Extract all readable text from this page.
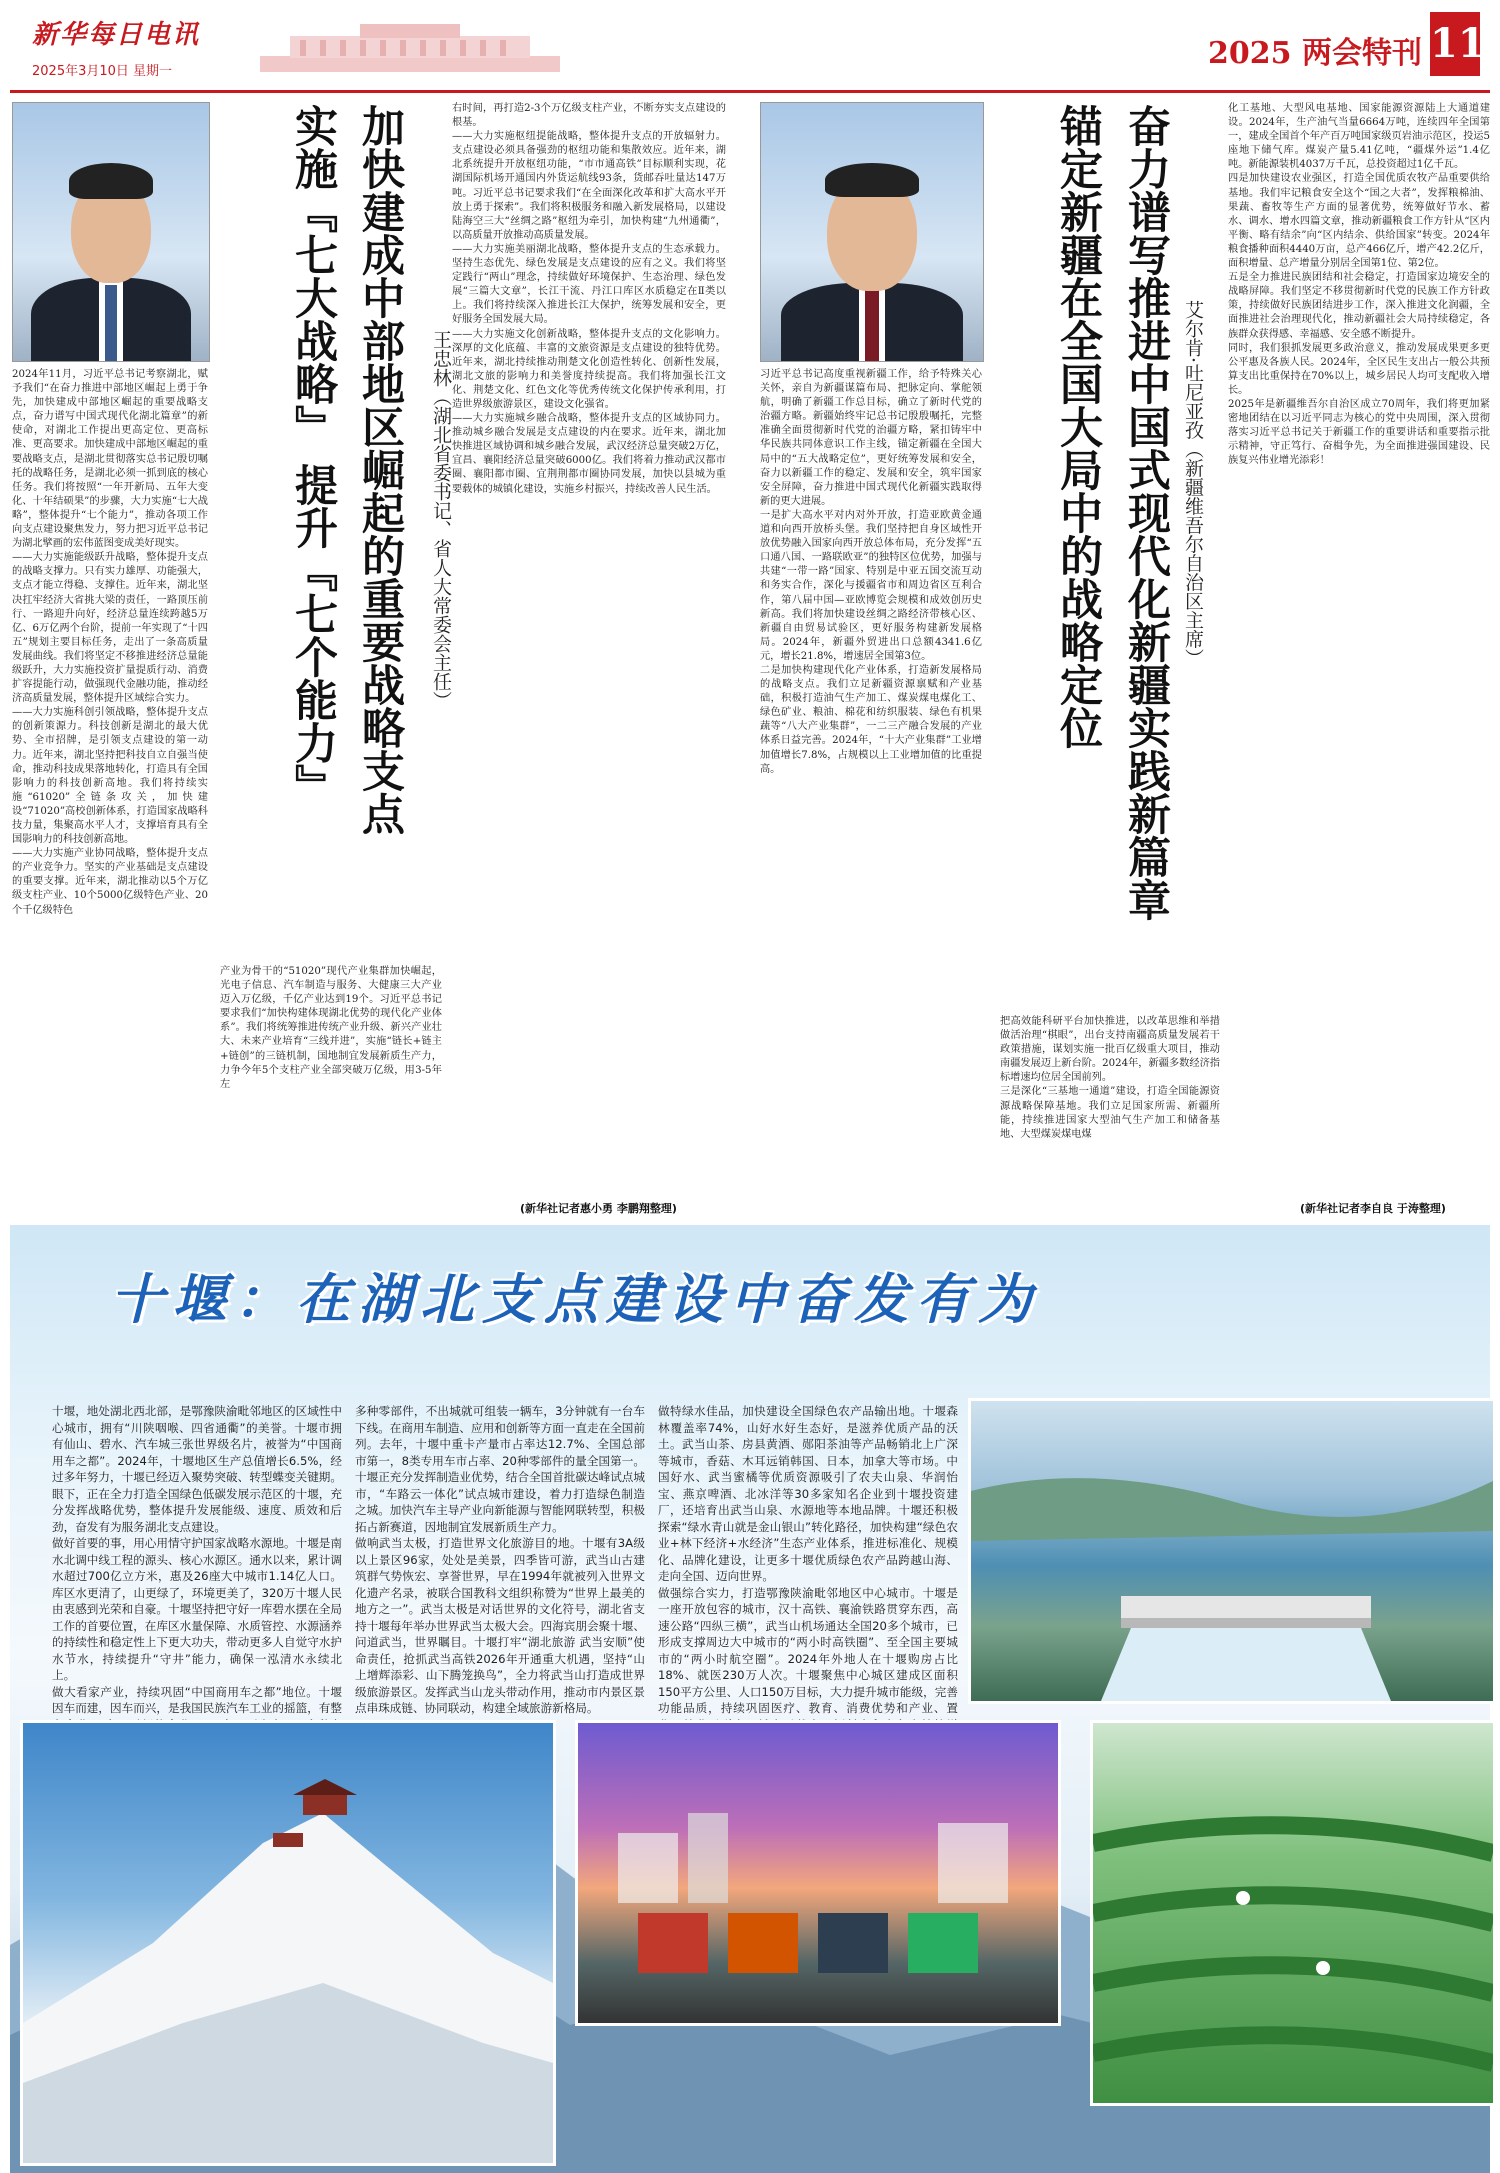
新华每日电讯
2025年3月10日 星期一
2025 两会特刊 11
2024年11月，习近平总书记考察湖北，赋予我们“在奋力推进中部地区崛起上勇于争先，加快建成中部地区崛起的重要战略支点，奋力谱写中国式现代化湖北篇章”的新使命，对湖北工作提出更高定位、更高标准、更高要求。加快建成中部地区崛起的重要战略支点，是湖北贯彻落实总书记殷切嘱托的战略任务，是湖北必须一抓到底的核心任务。我们将按照“一年开新局、五年大变化、十年结硕果”的步骤，大力实施“七大战略”，整体提升“七个能力”，推动各项工作向支点建设聚焦发力，努力把习近平总书记为湖北擘画的宏伟蓝图变成美好现实。
——大力实施能级跃升战略，整体提升支点的战略支撑力。只有实力雄厚、功能强大，支点才能立得稳、支撑住。近年来，湖北坚决扛牢经济大省挑大梁的责任，一路顶压前行、一路迎升向好，经济总量连续跨越5万亿、6万亿两个台阶，提前一年实现了“十四五”规划主要目标任务，走出了一条高质量发展曲线。我们将坚定不移推进经济总量能级跃升，大力实施投资扩量提质行动、消费扩容提能行动，做强现代金融功能，推动经济高质量发展，整体提升区域综合实力。
——大力实施科创引领战略，整体提升支点的创新策源力。科技创新是湖北的最大优势、全市招牌，是引领支点建设的第一动力。近年来，湖北坚持把科技自立自强当使命，推动科技成果落地转化，打造具有全国影响力的科技创新高地。我们将持续实施“61020”全链条攻关，加快建设“71020”高校创新体系，打造国家战略科技力量，集聚高水平人才，支撑培育具有全国影响力的科技创新高地。
——大力实施产业协同战略，整体提升支点的产业竞争力。坚实的产业基础是支点建设的重要支撑。近年来，湖北推动以5个万亿级支柱产业、10个5000亿级特色产业、20个千亿级特色
加快建成中部地区崛起的重要战略支点
实施『七大战略』 提升『七个能力』	王忠林（湖北省委书记、省人大常委会主任）
产业为骨干的“51020”现代产业集群加快崛起，光电子信息、汽车制造与服务、大健康三大产业迈入万亿级，千亿产业达到19个。习近平总书记要求我们“加快构建体现湖北优势的现代化产业体系”。我们将统筹推进传统产业升级、新兴产业壮大、未来产业培育“三线并进”，实施“链长+链主+链创”的三链机制，国地制宜发展新质生产力，力争今年5个支柱产业全部突破万亿级，用3-5年左
右时间，再打造2-3个万亿级支柱产业，不断夯实支点建设的根基。
——大力实施枢纽提能战略，整体提升支点的开放辐射力。支点建设必须具备强劲的枢纽功能和集散效应。近年来，湖北系统提升开放枢纽功能，“市市通高铁”目标顺利实现，花湖国际机场开通国内外货运航线93条，货邮吞吐量达147万吨。习近平总书记要求我们“在全面深化改革和扩大高水平开放上勇于探索”。我们将积极服务和融入新发展格局，以建设陆海空三大“丝绸之路”枢纽为牵引，加快构建“九州通衢”，以高质量开放推动高质量发展。
——大力实施美丽湖北战略，整体提升支点的生态承载力。坚持生态优先、绿色发展是支点建设的应有之义。我们将坚定践行“两山”理念，持续做好环境保护、生态治理、绿色发展“三篇大文章”，长江干流、丹江口库区水质稳定在Ⅱ类以上。我们将持续深入推进长江大保护，统筹发展和安全，更好服务全国发展大局。
——大力实施文化创新战略，整体提升支点的文化影响力。深厚的文化底蕴、丰富的文旅资源是支点建设的独特优势。近年来，湖北持续推动荆楚文化创造性转化、创新性发展，湖北文旅的影响力和美誉度持续提高。我们将加强长江文化、荆楚文化、红色文化等优秀传统文化保护传承利用，打造世界级旅游景区，建设文化强省。
——大力实施城乡融合战略，整体提升支点的区域协同力。推动城乡融合发展是支点建设的内在要求。近年来，湖北加快推进区域协调和城乡融合发展，武汉经济总量突破2万亿，宜昌、襄阳经济总量突破6000亿。我们将着力推动武汉都市圈、襄阳都市圈、宜荆荆都市圈协同发展，加快以县城为重要载体的城镇化建设，实施乡村振兴，持续改善人民生活。
(新华社记者惠小勇 李鹏翔整理)
习近平总书记高度重视新疆工作，给予特殊关心关怀，亲自为新疆谋篇布局、把脉定向、掌舵领航，明确了新疆工作总目标，确立了新时代党的治疆方略。新疆始终牢记总书记殷殷嘱托，完整准确全面贯彻新时代党的治疆方略，紧扣铸牢中华民族共同体意识工作主线，锚定新疆在全国大局中的“五大战略定位”，更好统筹发展和安全，奋力以新疆工作的稳定、发展和安全，筑牢国家安全屏障，奋力推进中国式现代化新疆实践取得新的更大进展。
一是扩大高水平对内对外开放，打造亚欧黄金通道和向西开放桥头堡。我们坚持把自身区域性开放优势融入国家向西开放总体布局，充分发挥“五口通八国、一路联欧亚”的独特区位优势，加强与共建“一带一路”国家、特别是中亚五国交流互动和务实合作，深化与援疆省市和周边省区互利合作，第八届中国—亚欧博览会规模和成效创历史新高。我们将加快建设丝绸之路经济带核心区、新疆自由贸易试验区，更好服务构建新发展格局。2024年，新疆外贸进出口总额4341.6亿元，增长21.8%，增速居全国第3位。
二是加快构建现代化产业体系，打造新发展格局的战略支点。我们立足新疆资源禀赋和产业基础，积极打造油气生产加工、煤炭煤电煤化工、绿色矿业、粮油、棉花和纺织服装、绿色有机果蔬等“八大产业集群”，一二三产融合发展的产业体系日益完善。2024年，“十大产业集群”工业增加值增长7.8%，占规模以上工业增加值的比重提高。	奋力谱写推进中国式现代化新疆实践新篇章
锚定新疆在全国大局中的战略定位	艾尔肯·吐尼亚孜（新疆维吾尔自治区主席）
把高效能科研平台加快推进，以改革思维和举措做活治理“棋眼”，出台支持南疆高质量发展若干政策措施，谋划实施一批百亿级重大项目，推动南疆发展迈上新台阶。2024年，新疆多数经济指标增速均位居全国前列。
三是深化“三基地一通道”建设，打造全国能源资源战略保障基地。我们立足国家所需、新疆所能，持续推进国家大型油气生产加工和储备基地、大型煤炭煤电煤
化工基地、大型风电基地、国家能源资源陆上大通道建设。2024年，生产油气当量6664万吨，连续四年全国第一，建成全国首个年产百万吨国家级页岩油示范区，投运5座地下储气库。煤炭产量5.41亿吨，“疆煤外运”1.4亿吨。新能源装机4037万千瓦，总投资超过1亿千瓦。
四是加快建设农业强区，打造全国优质农牧产品重要供给基地。我们牢记粮食安全这个“国之大者”，发挥粮棉油、果蔬、畜牧等生产方面的显著优势，统筹做好节水、蓄水、调水、增水四篇文章，推动新疆粮食工作方针从“区内平衡、略有结余”向“区内结余、供给国家”转变。2024年粮食播种面积4440万亩，总产466亿斤，增产42.2亿斤，面积增量、总产增量分别居全国第1位、第2位。
五是全力推进民族团结和社会稳定，打造国家边境安全的战略屏障。我们坚定不移贯彻新时代党的民族工作方针政策，持续做好民族团结进步工作，深入推进文化润疆，全面推进社会治理现代化，推动新疆社会大局持续稳定，各族群众获得感、幸福感、安全感不断提升。
同时，我们狠抓发展更多政治意义，推动发展成果更多更公平惠及各族人民。2024年，全区民生支出占一般公共预算支出比重保持在70%以上，城乡居民人均可支配收入增长。
2025年是新疆维吾尔自治区成立70周年，我们将更加紧密地团结在以习近平同志为核心的党中央周围，深入贯彻落实习近平总书记关于新疆工作的重要讲话和重要指示批示精神，守正笃行、奋楫争先，为全面推进强国建设、民族复兴伟业增光添彩！
(新华社记者李自良 于涛整理)
十堰：在湖北支点建设中奋发有为
十堰，地处湖北西北部，是鄂豫陕渝毗邻地区的区域性中心城市，拥有“川陕咽喉、四省通衢”的美誉。十堰市拥有仙山、碧水、汽车城三张世界级名片，被誉为“中国商用车之都”。2024年，十堰地区生产总值增长6.5%，经过多年努力，十堰已经迈入聚势突破、转型蝶变关键期。眼下，正在全力打造全国绿色低碳发展示范区的十堰，充分发挥战略优势，整体提升发展能级、速度、质效和后劲，奋发有为服务湖北支点建设。
做好首要的事，用心用情守护国家战略水源地。十堰是南水北调中线工程的源头、核心水源区。通水以来，累计调水超过700亿立方米，惠及26座大中城市1.14亿人口。库区水更清了，山更绿了，环境更美了，320万十堰人民由衷感到光荣和自豪。十堰坚持把守好一库碧水摆在全局工作的首要位置，在库区水量保障、水质管控、水源涵养的持续性和稳定性上下更大功夫，带动更多人自觉守水护水节水，持续提升“守井”能力，确保一泓清水永续北上。
做大看家产业，持续巩固“中国商用车之都”地位。十堰因车而建，因车而兴，是我国民族汽车工业的摇篮，有整
多种零部件，不出城就可组装一辆车，3分钟就有一台车下线。在商用车制造、应用和创新等方面一直走在全国前列。去年，十堰中重卡产量市占率达12.7%、全国总部市第一，8类专用车市占率、20种零部件的量全国第一。十堰正充分发挥制造业优势，结合全国首批碳达峰试点城市，“车路云一体化”试点城市建设，着力打造绿色制造之城。加快汽车主导产业向新能源与智能网联转型，积极拓占新赛道，因地制宜发展新质生产力。
做响武当太极，打造世界文化旅游目的地。十堰有3A级以上景区96家，处处是美景，四季皆可游，武当山古建筑群气势恢宏、享誉世界，早在1994年就被列入世界文化遗产名录，被联合国教科文组织称赞为“世界上最美的地方之一”。武当太极是对话世界的文化符号，湖北省支持十堰每年举办世界武当太极大会。四海宾朋会聚十堰、问道武当，世界瞩目。十堰打牢“湖北旅游 武当安顺”使命责任，抢抓武当高铁2026年开通重大机遇，坚持“山上增辉添彩、山下腾笼换鸟”，全力将武当山打造成世界级旅游景区。发挥武当山龙头带动作用，推动市内景区景点串珠成链、协同联动，构建全域旅游新格局。
做特绿水佳品，加快建设全国绿色农产品输出地。十堰森林覆盖率74%，山好水好生态好，是滋养优质产品的沃土。武当山茶、房县黄酒、郧阳茶油等产品畅销北上广深等城市，香菇、木耳远销韩国、日本，加拿大等市场。中国好水、武当蜜橘等优质资源吸引了农夫山泉、华润怡宝、燕京啤酒、北冰洋等30多家知名企业到十堰投资建厂，还培育出武当山泉、水源地等本地品牌。十堰还积极探索“绿水青山就是金山银山”转化路径，加快构建“绿色农业+林下经济+水经济”生态产业体系，推进标准化、规模化、品牌化建设，让更多十堰优质绿色农产品跨越山海、走向全国、迈向世界。
做强综合实力，打造鄂豫陕渝毗邻地区中心城市。十堰是一座开放包容的城市，汉十高铁、襄渝铁路贯穿东西，高速公路“四纵三横”，武当山机场通达全国20多个城市，已形成支撑周边大中城市的“两小时高铁圈”、至全国主要城市的“两小时航空圈”。2024年外地人在十堰购房占比18%、就医230万人次。十堰聚焦中心城区建成区面积150平方公里、人口150万目标，大力提升城市能级，完善功能品质，持续巩固医疗、教育、消费优势和产业、置
